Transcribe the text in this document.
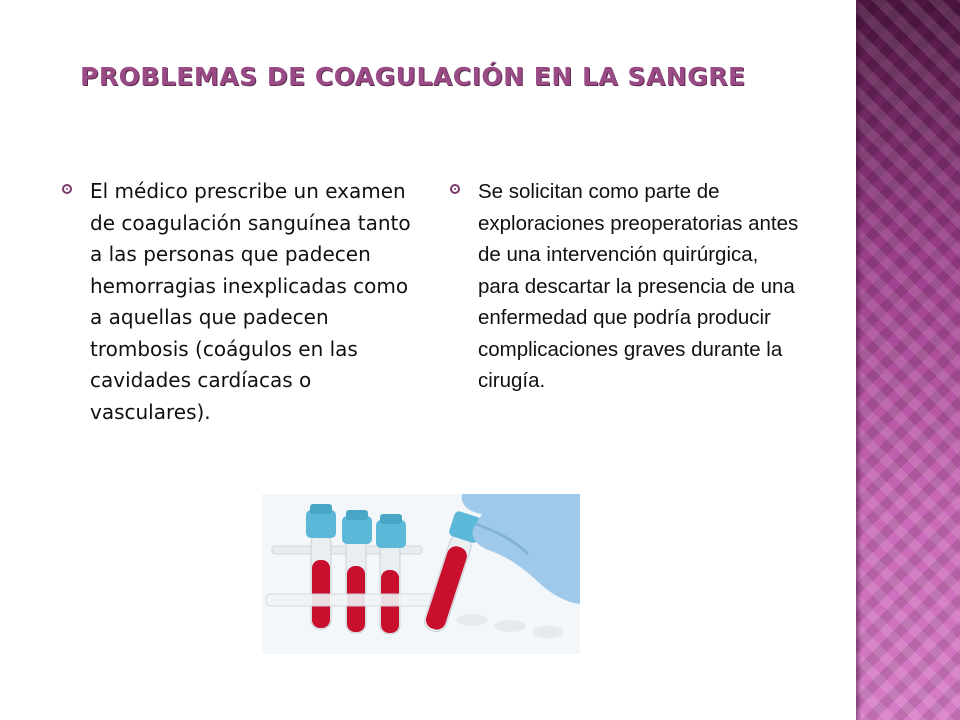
PROBLEMAS DE COAGULACIÓN EN LA SANGRE
El médico prescribe un examen de coagulación sanguínea tanto a las personas que padecen hemorragias inexplicadas como a aquellas que padecen trombosis (coágulos en las cavidades cardíacas o vasculares).
Se solicitan como parte de exploraciones preoperatorias antes de una intervención quirúrgica, para descartar la presencia de una enfermedad que podría producir complicaciones graves durante la cirugía.
